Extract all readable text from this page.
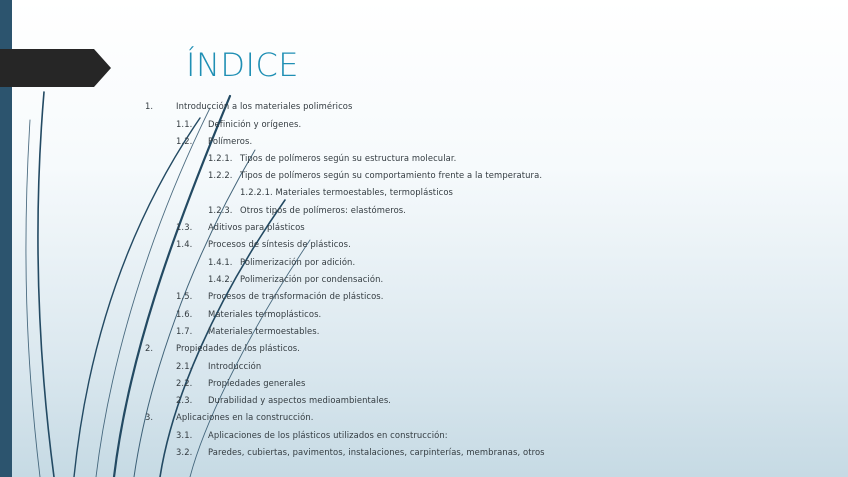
ÍNDICE
1.	Introducción a los materiales poliméricos
1.1. Definición y orígenes.
1.2. Polímeros.
1.2.1. Tipos de polímeros según su estructura molecular.
1.2.2. Tipos de polímeros según su comportamiento frente a la temperatura.
1.2.2.1. Materiales termoestables, termoplásticos
1.2.3. Otros tipos de polímeros: elastómeros.
1.3. Aditivos para plásticos
1.4. Procesos de síntesis de plásticos.
1.4.1. Polimerización por adición.
1.4.2. Polimerización por condensación.
1.5. Procesos de transformación de plásticos.
1.6. Materiales termoplásticos.
1.7. Materiales termoestables.
2.	Propiedades de los plásticos.
2.1. Introducción
2.2. Propiedades generales
2.3. Durabilidad y aspectos medioambientales.
3.	Aplicaciones en la construcción.
3.1. Aplicaciones de los plásticos utilizados en construcción:
3.2. Paredes, cubiertas, pavimentos, instalaciones, carpinterías, membranas, otros
